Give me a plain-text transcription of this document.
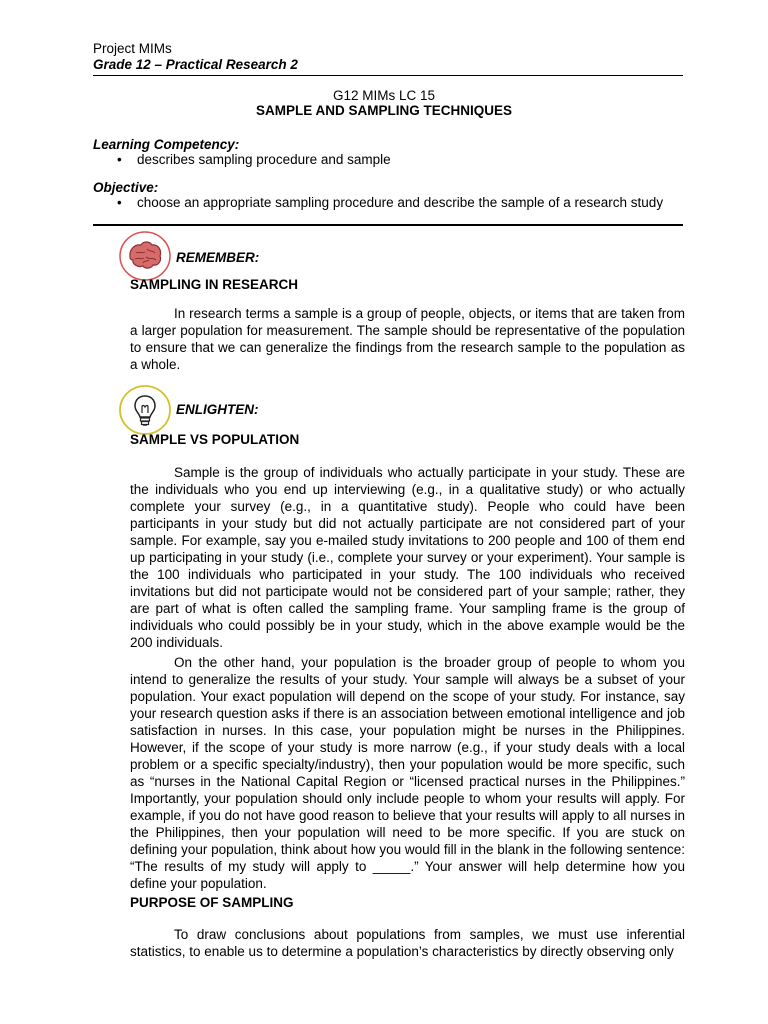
Project MIMs
Grade 12 – Practical Research 2
G12 MIMs LC 15
SAMPLE AND SAMPLING TECHNIQUES
Learning Competency:
• describes sampling procedure and sample
Objective:
• choose an appropriate sampling procedure and describe the sample of a research study
REMEMBER:
SAMPLING IN RESEARCH

In research terms a sample is a group of people, objects, or items that are taken from a larger population for measurement. The sample should be representative of the population to ensure that we can generalize the findings from the research sample to the population as a whole.

ENLIGHTEN:
SAMPLE VS POPULATION

Sample is the group of individuals who actually participate in your study. These are the individuals who you end up interviewing (e.g., in a qualitative study) or who actually complete your survey (e.g., in a quantitative study). People who could have been participants in your study but did not actually participate are not considered part of your sample. For example, say you e-mailed study invitations to 200 people and 100 of them end up participating in your study (i.e., complete your survey or your experiment). Your sample is the 100 individuals who participated in your study. The 100 individuals who received invitations but did not participate would not be considered part of your sample; rather, they are part of what is often called the sampling frame. Your sampling frame is the group of individuals who could possibly be in your study, which in the above example would be the 200 individuals.

On the other hand, your population is the broader group of people to whom you intend to generalize the results of your study. Your sample will always be a subset of your population. Your exact population will depend on the scope of your study. For instance, say your research question asks if there is an association between emotional intelligence and job satisfaction in nurses. In this case, your population might be nurses in the Philippines. However, if the scope of your study is more narrow (e.g., if your study deals with a local problem or a specific specialty/industry), then your population would be more specific, such as “nurses in the National Capital Region or “licensed practical nurses in the Philippines.” Importantly, your population should only include people to whom your results will apply. For example, if you do not have good reason to believe that your results will apply to all nurses in the Philippines, then your population will need to be more specific. If you are stuck on defining your population, think about how you would fill in the blank in the following sentence: “The results of my study will apply to _____.” Your answer will help determine how you define your population.

PURPOSE OF SAMPLING

To draw conclusions about populations from samples, we must use inferential statistics, to enable us to determine a population’s characteristics by directly observing only
